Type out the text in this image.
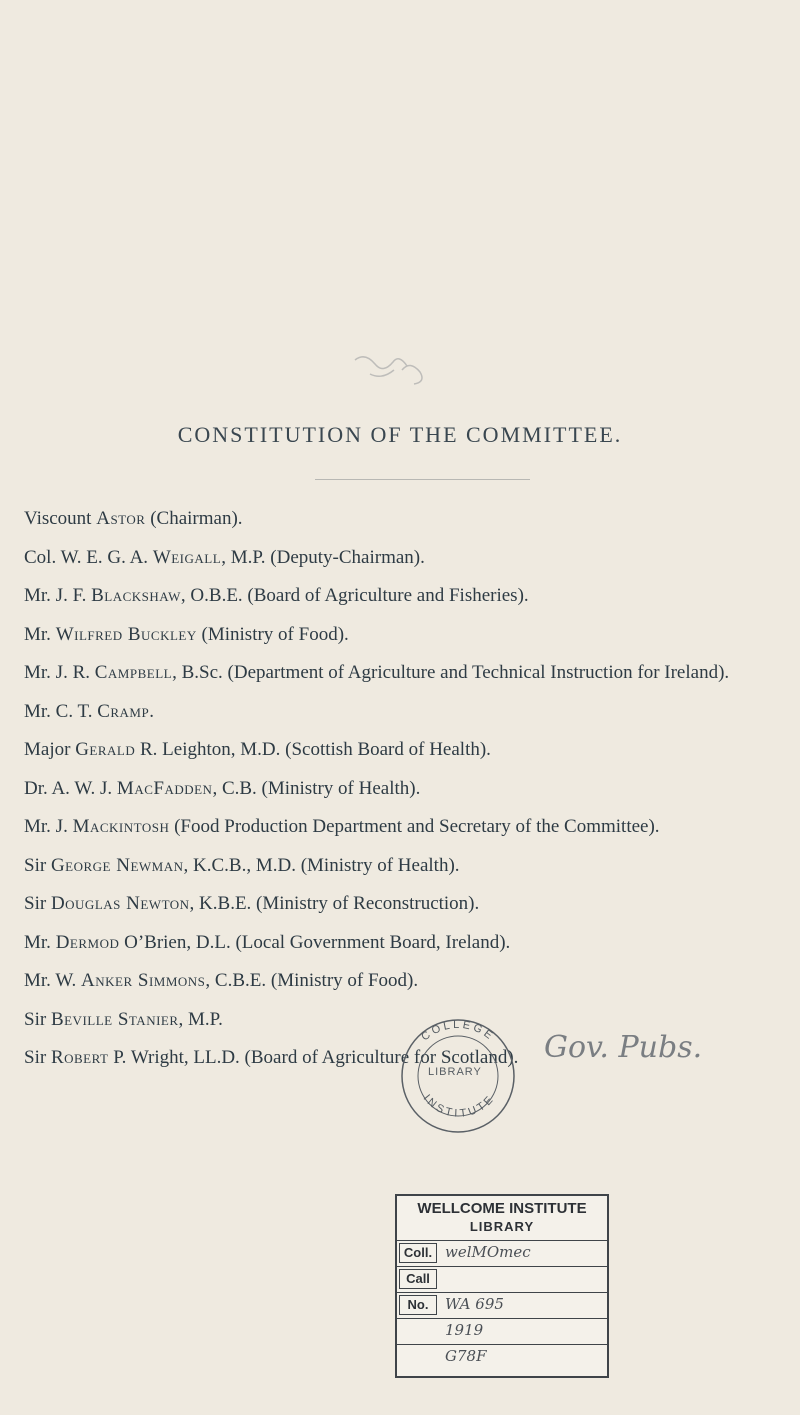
CONSTITUTION OF THE COMMITTEE.
Viscount Astor (Chairman).
Col. W. E. G. A. Weigall, M.P. (Deputy-Chairman).
Mr. J. F. Blackshaw, O.B.E. (Board of Agriculture and Fisheries).
Mr. Wilfred Buckley (Ministry of Food).
Mr. J. R. Campbell, B.Sc. (Department of Agriculture and Technical Instruction for Ireland).
Mr. C. T. Cramp.
Major Gerald R. Leighton, M.D. (Scottish Board of Health).
Dr. A. W. J. MacFadden, C.B. (Ministry of Health).
Mr. J. Mackintosh (Food Production Department and Secretary of the Committee).
Sir George Newman, K.C.B., M.D. (Ministry of Health).
Sir Douglas Newton, K.B.E. (Ministry of Reconstruction).
Mr. Dermod O’Brien, D.L. (Local Government Board, Ireland).
Mr. W. Anker Simmons, C.B.E. (Ministry of Food).
Sir Beville Stanier, M.P.
Sir Robert P. Wright, LL.D. (Board of Agriculture for Scotland).
COLLEGE
INSTITUTE
LIBRARY
Gov. Pubs.
WELLCOME INSTITUTE
LIBRARY
Coll. welMOmec
Call
No.	WA 695
1919
G78F
